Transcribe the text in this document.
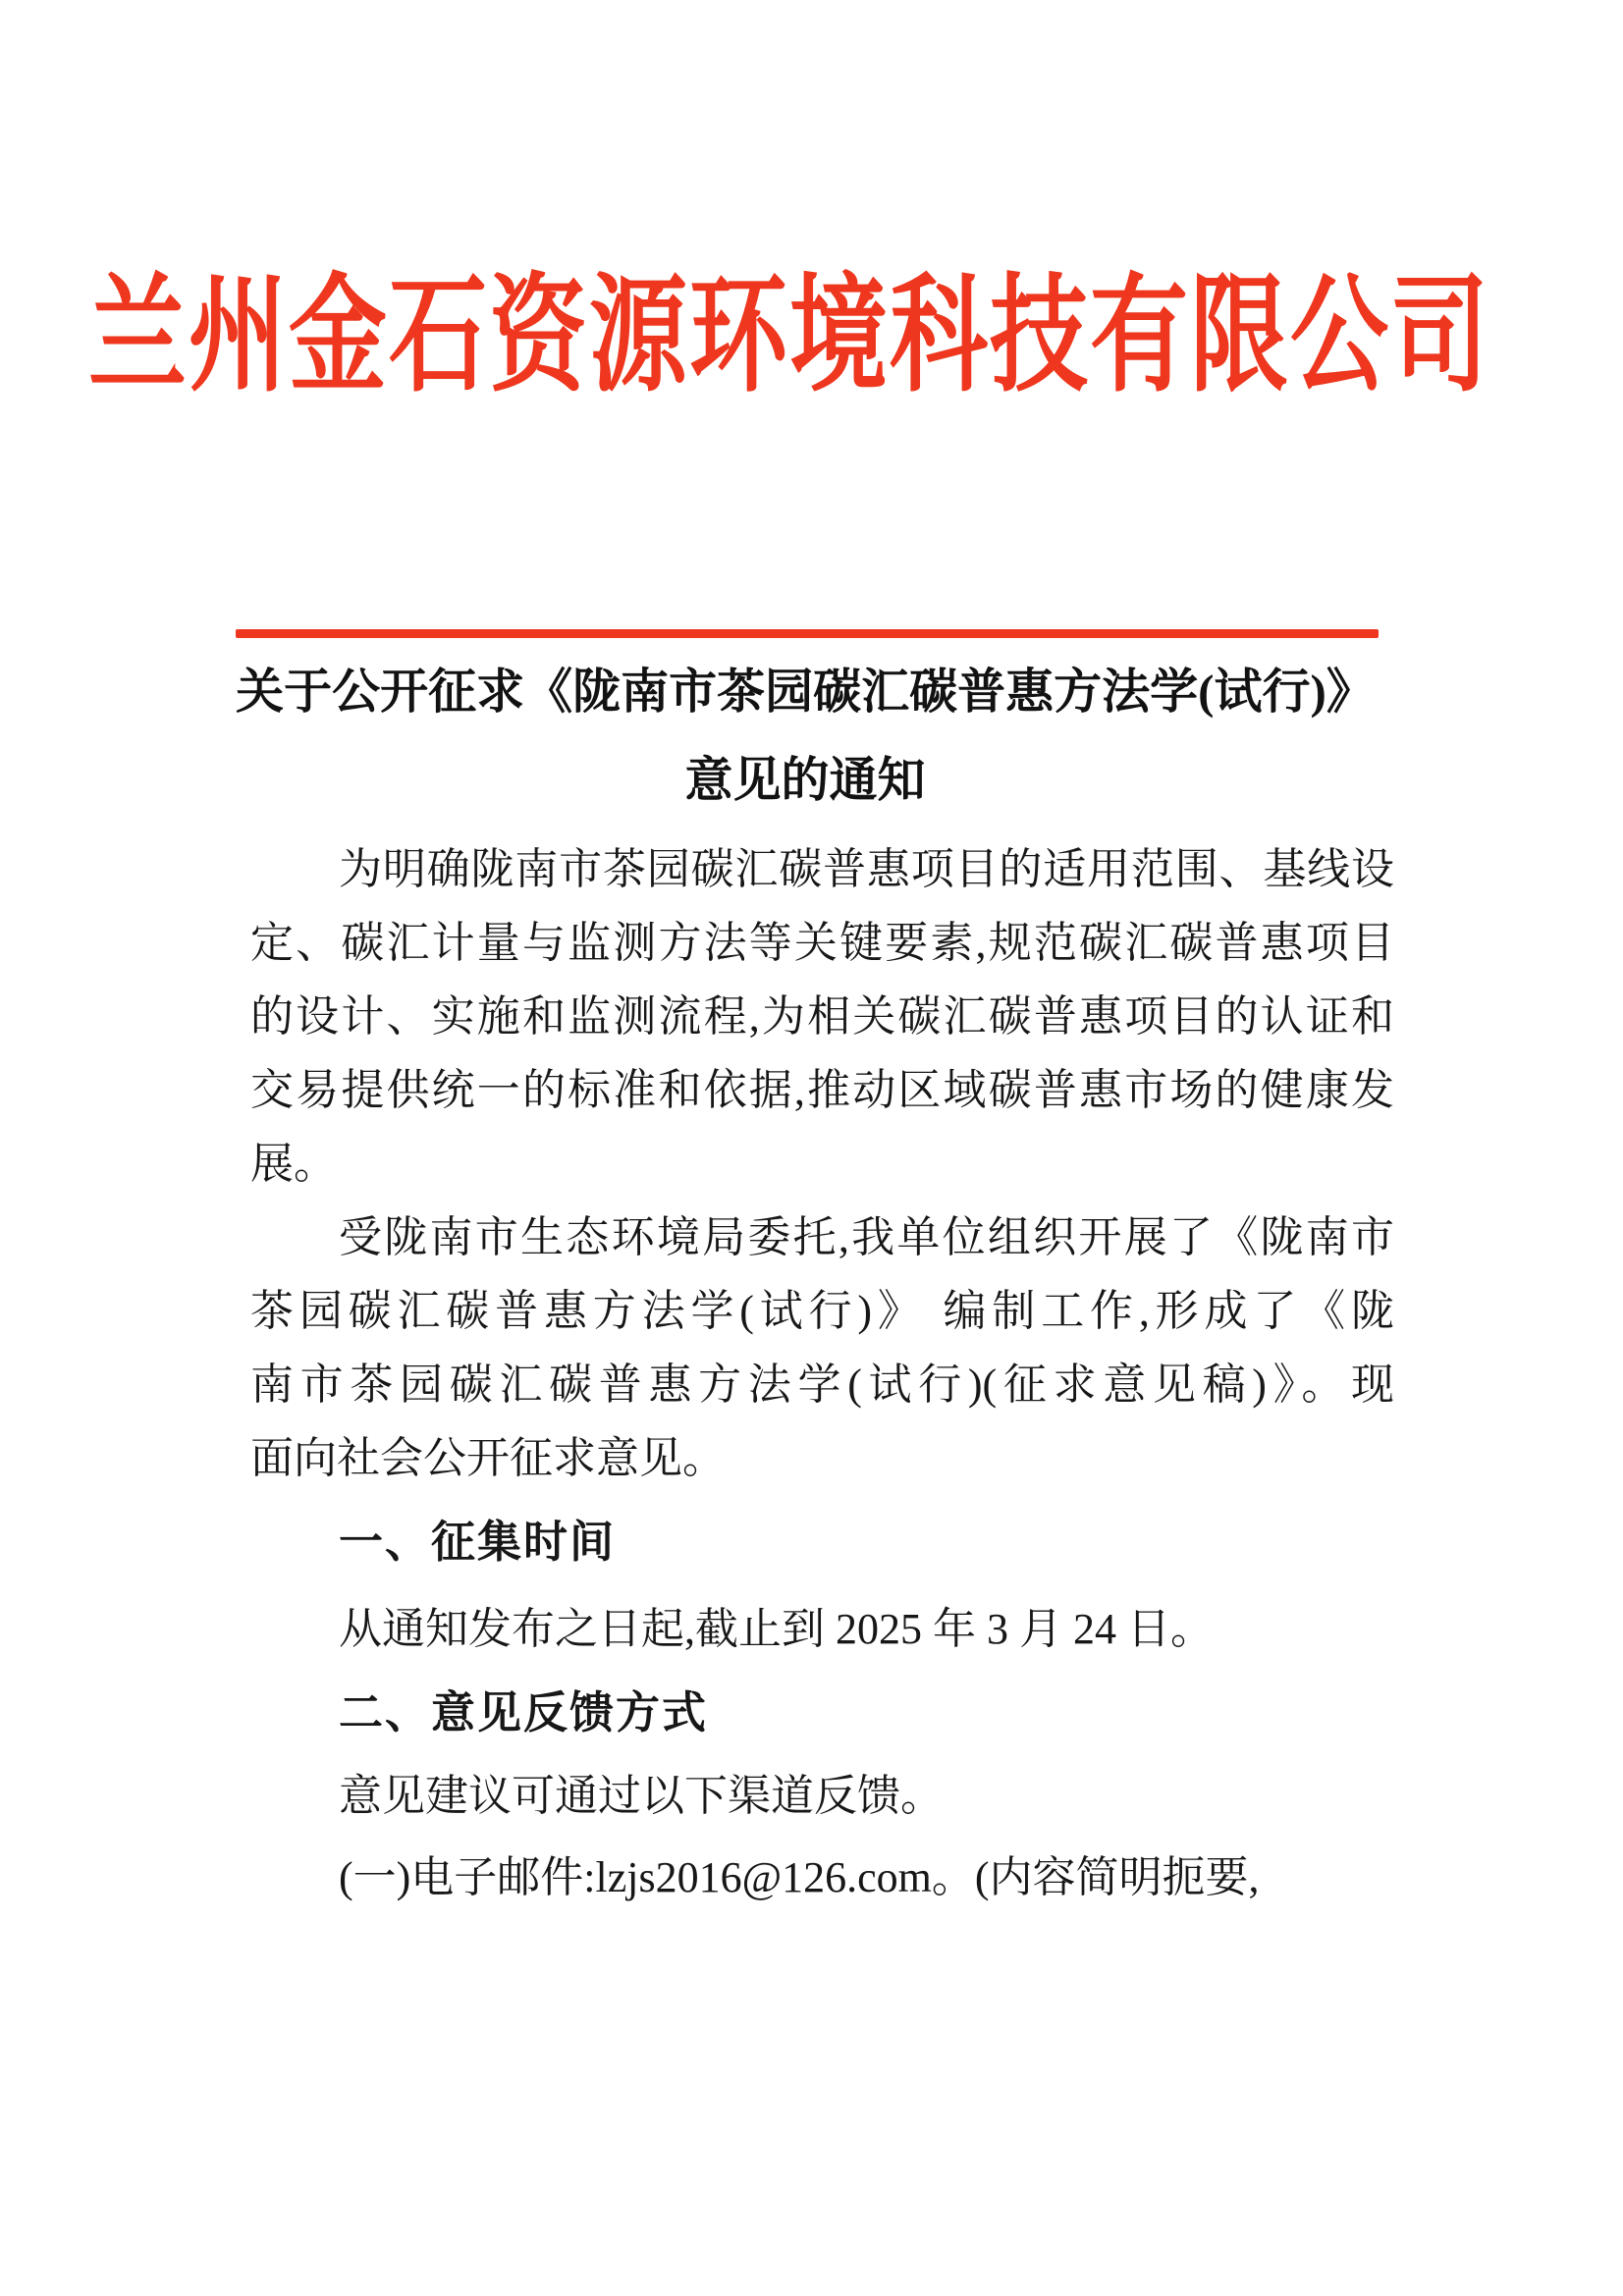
兰州金石资源环境科技有限公司
关于公开征求《陇南市茶园碳汇碳普惠方法学(试行)》
意见的通知
为明确陇南市茶园碳汇碳普惠项目的适用范围、基线设
定、碳汇计量与监测方法等关键要素,规范碳汇碳普惠项目
的设计、实施和监测流程,为相关碳汇碳普惠项目的认证和
交易提供统一的标准和依据,推动区域碳普惠市场的健康发
展。
受陇南市生态环境局委托,我单位组织开展了《陇南市
茶园碳汇碳普惠方法学(试行)》 编制工作,形成了《陇
南市茶园碳汇碳普惠方法学(试行)(征求意见稿)》。现
面向社会公开征求意见。
一、征集时间
从通知发布之日起,截止到 2025 年 3 月 24 日。
二、意见反馈方式
意见建议可通过以下渠道反馈。
(一)电子邮件:lzjs2016@126.com。(内容简明扼要,
